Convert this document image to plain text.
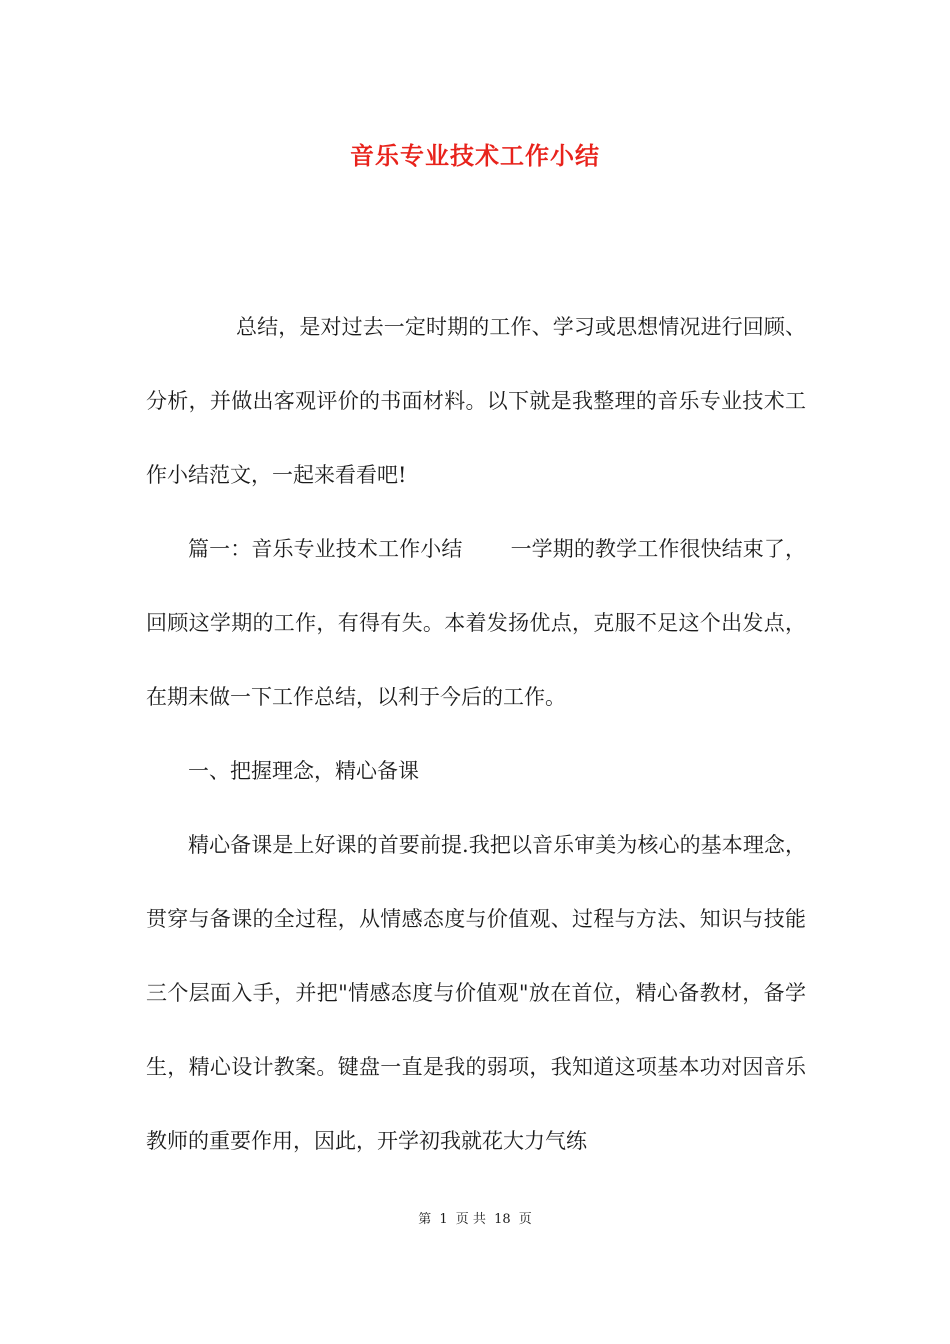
音乐专业技术工作小结

总结，是对过去一定时期的工作、学习或思想情况进行回顾、分析，并做出客观评价的书面材料。以下就是我整理的音乐专业技术工作小结范文，一起来看看吧!

篇一：音乐专业技术工作小结 一学期的教学工作很快结束了，回顾这学期的工作，有得有失。本着发扬优点，克服不足这个出发点，在期末做一下工作总结，以利于今后的工作。

一、把握理念，精心备课

精心备课是上好课的首要前提.我把以音乐审美为核心的基本理念，贯穿与备课的全过程，从情感态度与价值观、过程与方法、知识与技能三个层面入手，并把"情感态度与价值观"放在首位，精心备教材，备学生，精心设计教案。键盘一直是我的弱项，我知道这项基本功对因音乐教师的重要作用，因此，开学初我就花大力气练

第 1 页 共 18 页
